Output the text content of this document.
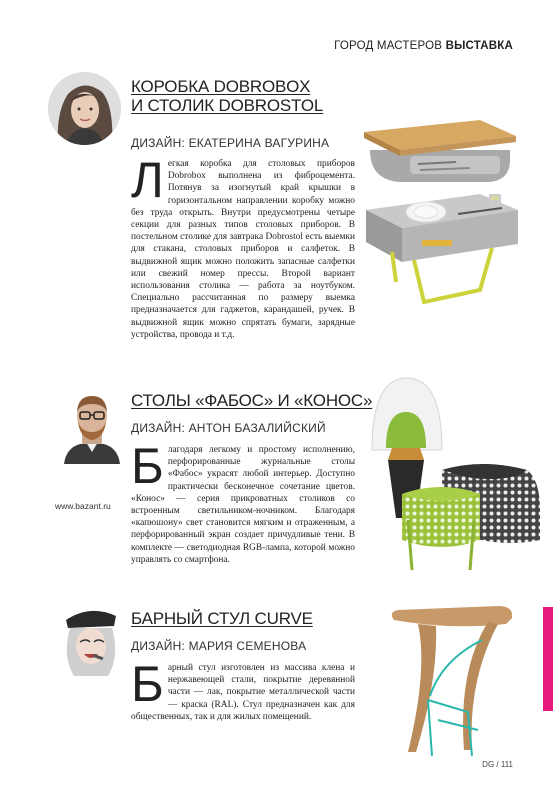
ГОРОД МАСТЕРОВ ВЫСТАВКА
КОРОБКА DOBROBOX
И СТОЛИК DOBROSTOL
ДИЗАЙН: ЕКАТЕРИНА ВАГУРИНА
Легкая коробка для столовых приборов Dobrobox выполнена из фиброцемента. Потянув за изогнутый край крышки в горизонтальном направлении коробку можно без труда открыть. Внутри предусмотрены четыре секции для разных типов столовых приборов. В постельном столике для завтрака Dobrostol есть выемки для стакана, столовых приборов и салфеток. В выдвижной ящик можно положить запасные салфетки или свежий номер прессы. Второй вариант использования столика — работа за ноутбуком. Специально рассчитанная по размеру выемка предназначается для гаджетов, карандашей, ручек. В выдвижной ящик можно спрятать бумаги, зарядные устройства, провода и т.д.
www.bazant.ru
СТОЛЫ «ФАБОС» И «КОНОС»
ДИЗАЙН: АНТОН БАЗАЛИЙСКИЙ
Благодаря легкому и простому исполнению, перфорированные журнальные столы «Фабос» украсят любой интерьер. Доступно практически бесконечное сочетание цветов. «Конос» — серия прикроватных столиков со встроенным светильником-ночником. Благодаря «капюшону» свет становится мягким и отраженным, а перфорированный экран создает причудливые тени. В комплекте — светодиодная RGB-лампа, которой можно управлять со смартфона.
БАРНЫЙ СТУЛ CURVE
ДИЗАЙН: МАРИЯ СЕМЕНОВА
Барный стул изготовлен из массива клена и нержавеющей стали, покрытие деревянной части — лак, покрытие металлической части — краска (RAL). Стул предназначен как для общественных, так и для жилых помещений.
DG / 111
